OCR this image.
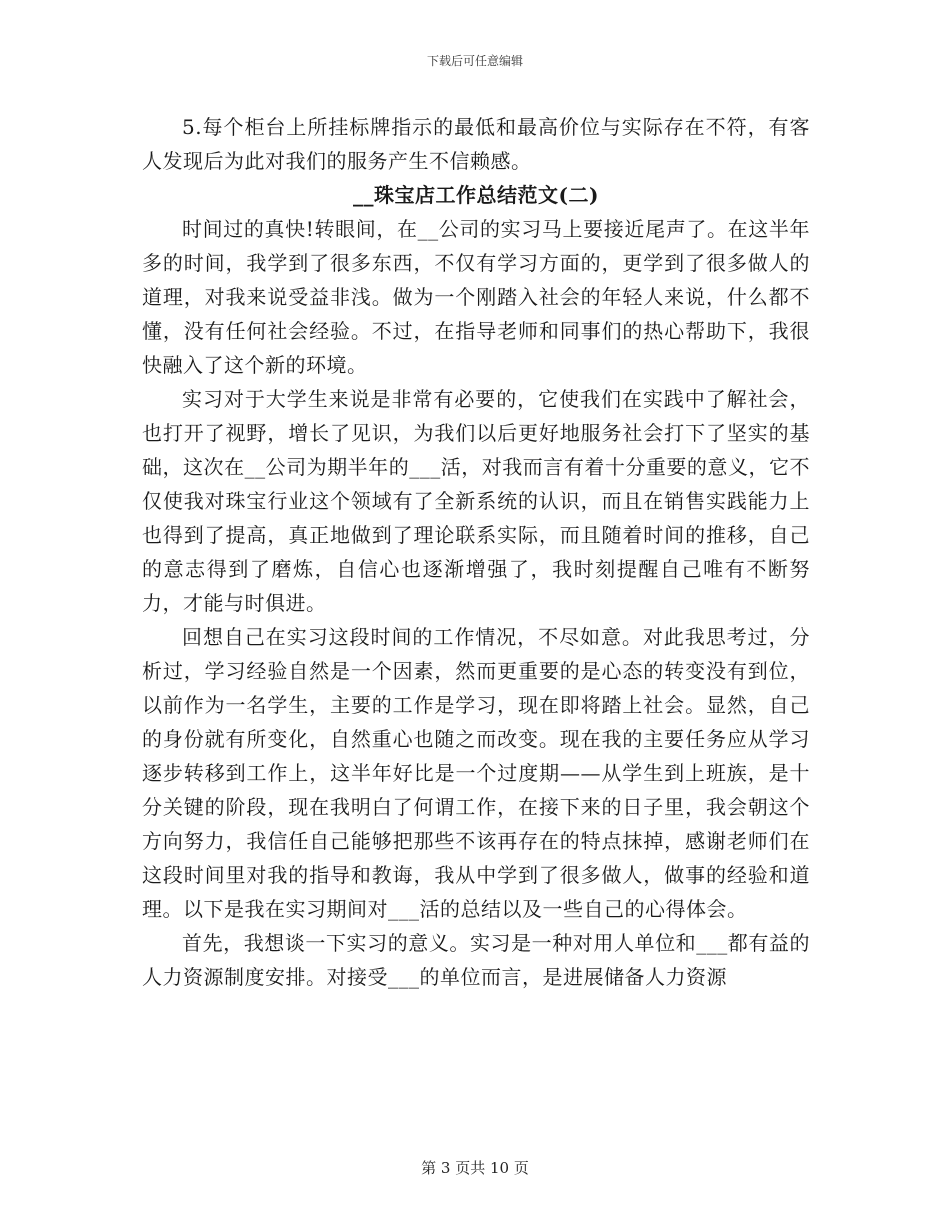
下载后可任意编辑

5.每个柜台上所挂标牌指示的最低和最高价位与实际存在不符，有客人发现后为此对我们的服务产生不信赖感。

__珠宝店工作总结范文(二)

时间过的真快!转眼间，在__公司的实习马上要接近尾声了。在这半年多的时间，我学到了很多东西，不仅有学习方面的，更学到了很多做人的道理，对我来说受益非浅。做为一个刚踏入社会的年轻人来说，什么都不懂，没有任何社会经验。不过，在指导老师和同事们的热心帮助下，我很快融入了这个新的环境。

实习对于大学生来说是非常有必要的，它使我们在实践中了解社会，也打开了视野，增长了见识，为我们以后更好地服务社会打下了坚实的基础，这次在__公司为期半年的___活，对我而言有着十分重要的意义，它不仅使我对珠宝行业这个领域有了全新系统的认识，而且在销售实践能力上也得到了提高，真正地做到了理论联系实际，而且随着时间的推移，自己的意志得到了磨炼，自信心也逐渐增强了，我时刻提醒自己唯有不断努力，才能与时俱进。

回想自己在实习这段时间的工作情况，不尽如意。对此我思考过，分析过，学习经验自然是一个因素，然而更重要的是心态的转变没有到位，以前作为一名学生，主要的工作是学习，现在即将踏上社会。显然，自己的身份就有所变化，自然重心也随之而改变。现在我的主要任务应从学习逐步转移到工作上，这半年好比是一个过度期——从学生到上班族，是十分关键的阶段，现在我明白了何谓工作，在接下来的日子里，我会朝这个方向努力，我信任自己能够把那些不该再存在的特点抹掉，感谢老师们在这段时间里对我的指导和教诲，我从中学到了很多做人，做事的经验和道理。以下是我在实习期间对___活的总结以及一些自己的心得体会。

首先，我想谈一下实习的意义。实习是一种对用人单位和___都有益的人力资源制度安排。对接受___的单位而言，是进展储备人力资源

第 3 页共 10 页
